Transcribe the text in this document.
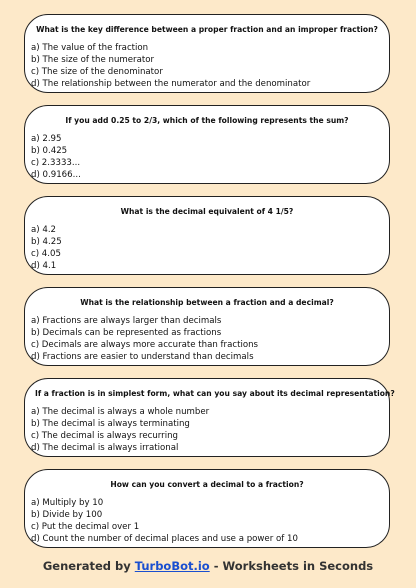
What is the key difference between a proper fraction and an improper fraction?
a) The value of the fraction
b) The size of the numerator
c) The size of the denominator
d) The relationship between the numerator and the denominator
If you add 0.25 to 2/3, which of the following represents the sum?
a) 2.95
b) 0.425
c) 2.3333...
d) 0.9166...
What is the decimal equivalent of 4 1/5?
a) 4.2
b) 4.25
c) 4.05
d) 4.1
What is the relationship between a fraction and a decimal?
a) Fractions are always larger than decimals
b) Decimals can be represented as fractions
c) Decimals are always more accurate than fractions
d) Fractions are easier to understand than decimals
If a fraction is in simplest form, what can you say about its decimal representation?
a) The decimal is always a whole number
b) The decimal is always terminating
c) The decimal is always recurring
d) The decimal is always irrational
How can you convert a decimal to a fraction?
a) Multiply by 10
b) Divide by 100
c) Put the decimal over 1
d) Count the number of decimal places and use a power of 10
Generated by TurboBot.io - Worksheets in Seconds
